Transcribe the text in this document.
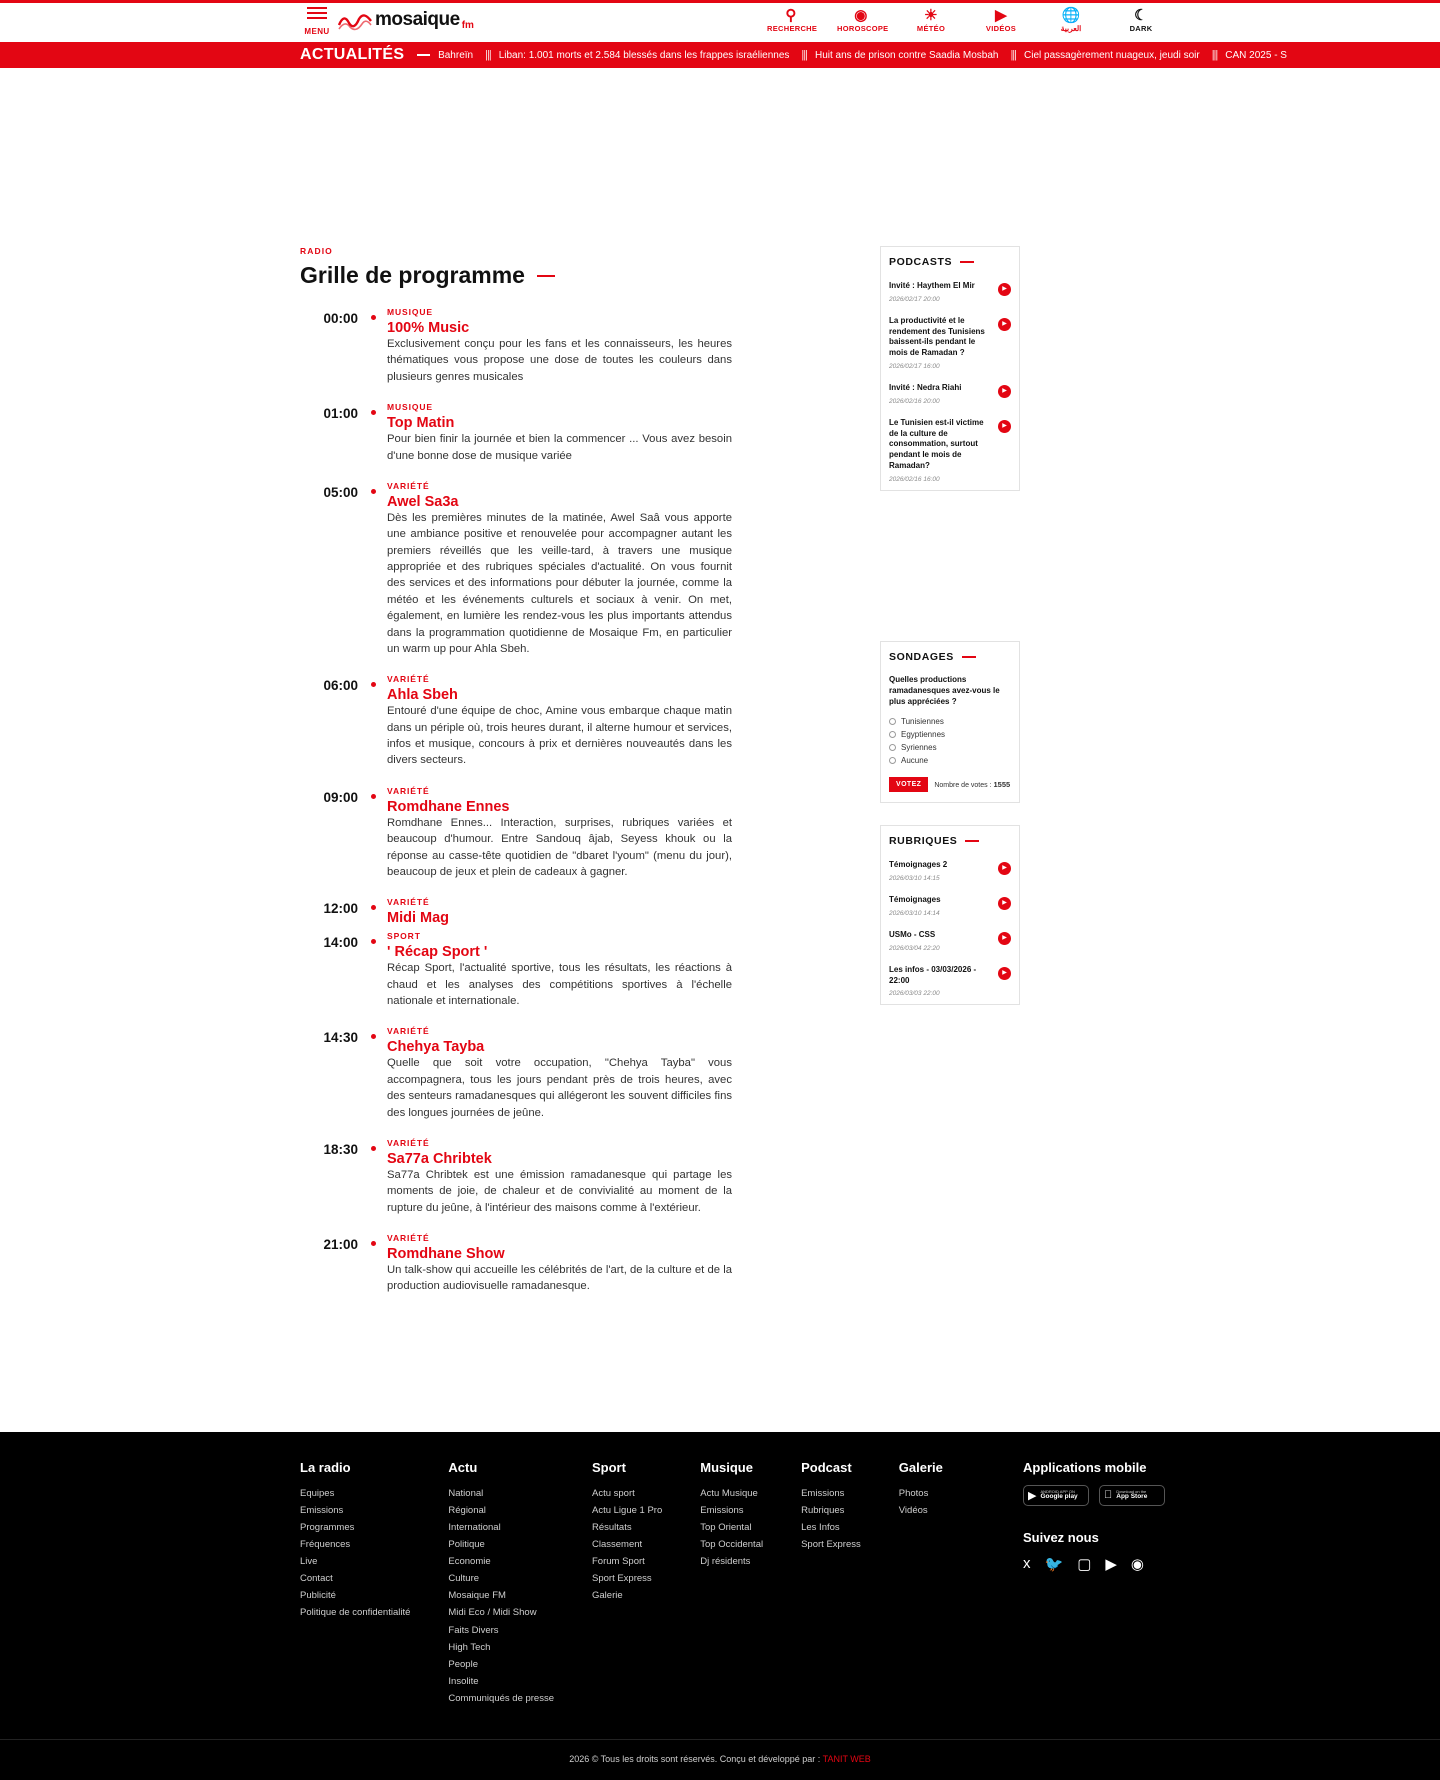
MENU
mosaique fm
⚲
RECHERCHE
◉
HOROSCOPE
☀
MÉTÉO
▶
VIDÉOS
🌐
العربية
☾
DARK
ACTUALITÉS	Bahreïn ||| Liban: 1.001 morts et 2.584 blessés dans les frappes israéliennes ||| Huit ans de prison contre Saadia Mosbah ||| Ciel passagèrement nuageux, jeudi soir ||| CAN 2025 - S
RADIO
Grille de programme
00:00	MUSIQUE
100% Music
Exclusivement conçu pour les fans et les connaisseurs, les heures thématiques vous propose une dose de toutes les couleurs dans plusieurs genres musicales
01:00	MUSIQUE
Top Matin
Pour bien finir la journée et bien la commencer ... Vous avez besoin d'une bonne dose de musique variée
05:00	VARIÉTÉ
Awel Sa3a
Dès les premières minutes de la matinée, Awel Saâ vous apporte une ambiance positive et renouvelée pour accompagner autant les premiers réveillés que les veille-tard, à travers une musique appropriée et des rubriques spéciales d'actualité. On vous fournit des services et des informations pour débuter la journée, comme la météo et les événements culturels et sociaux à venir. On met, également, en lumière les rendez-vous les plus importants attendus dans la programmation quotidienne de Mosaique Fm, en particulier un warm up pour Ahla Sbeh.
06:00	VARIÉTÉ
Ahla Sbeh
Entouré d'une équipe de choc, Amine vous embarque chaque matin dans un périple où, trois heures durant, il alterne humour et services, infos et musique, concours à prix et dernières nouveautés dans les divers secteurs.
09:00	VARIÉTÉ
Romdhane Ennes
Romdhane Ennes... Interaction, surprises, rubriques variées et beaucoup d'humour. Entre Sandouq âjab, Seyess khouk ou la réponse au casse-tête quotidien de "dbaret l'youm" (menu du jour), beaucoup de jeux et plein de cadeaux à gagner.
12:00	VARIÉTÉ
Midi Mag
14:00	SPORT
' Récap Sport '
Récap Sport, l'actualité sportive, tous les résultats, les réactions à chaud et les analyses des compétitions sportives à l'échelle nationale et internationale.
14:30	VARIÉTÉ
Chehya Tayba
Quelle que soit votre occupation, "Chehya Tayba" vous accompagnera, tous les jours pendant près de trois heures, avec des senteurs ramadanesques qui allégeront les souvent difficiles fins des longues journées de jeûne.
18:30	VARIÉTÉ
Sa77a Chribtek
Sa77a Chribtek est une émission ramadanesque qui partage les moments de joie, de chaleur et de convivialité au moment de la rupture du jeûne, à l'intérieur des maisons comme à l'extérieur.
21:00	VARIÉTÉ
Romdhane Show
Un talk-show qui accueille les célébrités de l'art, de la culture et de la production audiovisuelle ramadanesque.
PODCASTS
Invité : Haythem El Mir
2026/02/17 20:00
▶
La productivité et le rendement des Tunisiens baissent-ils pendant le mois de Ramadan ?
2026/02/17 16:00
▶
Invité : Nedra Riahi
2026/02/16 20:00
▶
Le Tunisien est-il victime de la culture de consommation, surtout pendant le mois de Ramadan?
2026/02/16 16:00
▶
SONDAGES
Quelles productions ramadanesques avez-vous le plus appréciées ?
Tunisiennes
Egyptiennes
Syriennes
Aucune
VOTEZ	Nombre de votes : 1555
RUBRIQUES
Témoignages 2
2026/03/10 14:15
▶
Témoignages
2026/03/10 14:14
▶
USMo - CSS
2026/03/04 22:20
▶
Les infos - 03/03/2026 - 22:00
2026/03/03 22:00
▶
La radio
Equipes
Emissions
Programmes
Fréquences
Live
Contact
Publicité
Politique de confidentialité
Actu
National
Régional
International
Politique
Economie
Culture
Mosaique FM
Midi Eco / Midi Show
Faits Divers
High Tech
People
Insolite
Communiqués de presse
Sport
Actu sport
Actu Ligue 1 Pro
Résultats
Classement
Forum Sport
Sport Express
Galerie
Musique
Actu Musique
Emissions
Top Oriental
Top Occidental
Dj résidents
Podcast
Emissions
Rubriques
Les Infos
Sport Express
Galerie
Photos
Vidéos
Applications mobile
▶ ANDROID APP ON
Google play
Download on the
App Store
Suivez nous
x 🐦 ▢ ▶ ◉
2026 © Tous les droits sont réservés. Conçu et développé par : TANIT WEB
